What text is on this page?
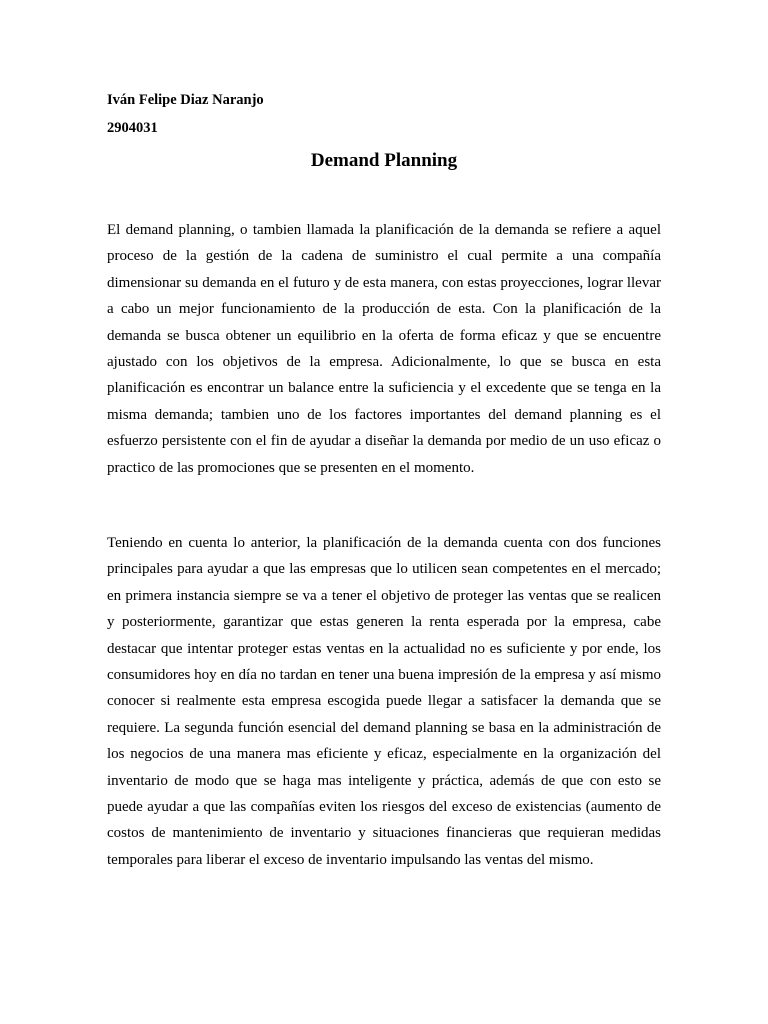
Iván Felipe Diaz Naranjo
2904031
Demand Planning
El demand planning, o tambien llamada la planificación de la demanda se refiere a aquel
proceso de la gestión de la cadena de suministro el cual permite a una compañía
dimensionar su demanda en el futuro y de esta manera, con estas proyecciones, lograr llevar
a cabo un mejor funcionamiento de la producción de esta. Con la planificación de la
demanda se busca obtener un equilibrio en la oferta de forma eficaz y que se encuentre
ajustado con los objetivos de la empresa. Adicionalmente, lo que se busca en esta
planificación es encontrar un balance entre la suficiencia y el excedente que se tenga en la
misma demanda; tambien uno de los factores importantes del demand planning es el
esfuerzo persistente con el fin de ayudar a diseñar la demanda por medio de un uso eficaz o
practico de las promociones que se presenten en el momento.
Teniendo en cuenta lo anterior, la planificación de la demanda cuenta con dos funciones
principales para ayudar a que las empresas que lo utilicen sean competentes en el mercado;
en primera instancia siempre se va a tener el objetivo de proteger las ventas que se realicen
y posteriormente, garantizar que estas generen la renta esperada por la empresa, cabe
destacar que intentar proteger estas ventas en la actualidad no es suficiente y por ende, los
consumidores hoy en día no tardan en tener una buena impresión de la empresa y así mismo
conocer si realmente esta empresa escogida puede llegar a satisfacer la demanda que se
requiere. La segunda función esencial del demand planning se basa en la administración de
los negocios de una manera mas eficiente y eficaz, especialmente en la organización del
inventario de modo que se haga mas inteligente y práctica, además de que con esto se
puede ayudar a que las compañías eviten los riesgos del exceso de existencias (aumento de
costos de mantenimiento de inventario y situaciones financieras que requieran medidas
temporales para liberar el exceso de inventario impulsando las ventas del mismo.
